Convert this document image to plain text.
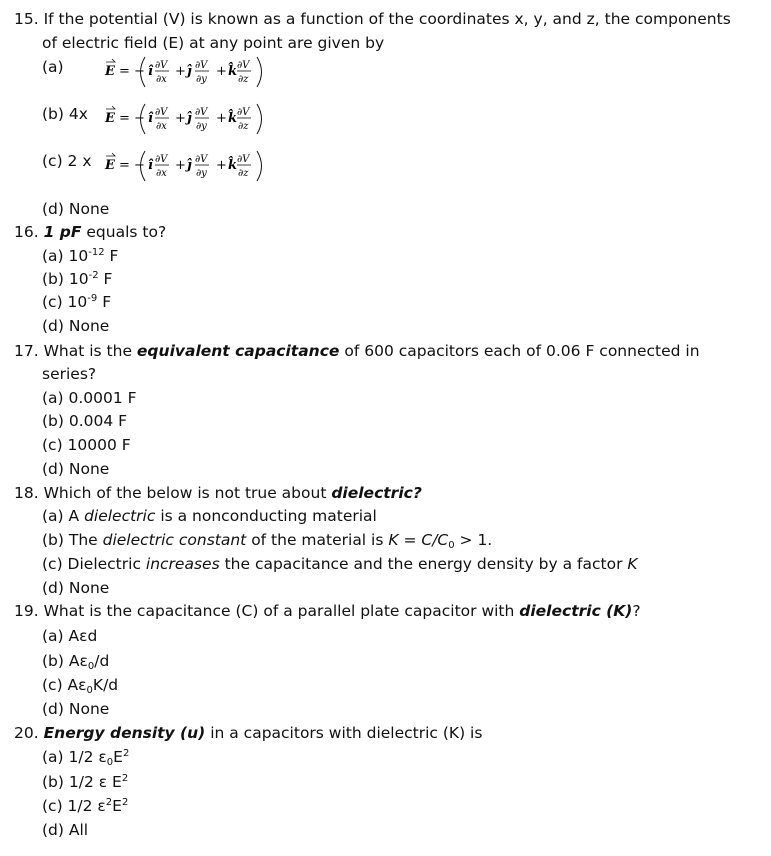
15. If the potential (V) is known as a function of the coordinates x, y, and z, the components
of electric field (E) at any point are given by
(a)
(b) 4x
(c) 2 x
(d) None
E = − î ∂V
∂x
+ ĵ ∂V
∂y
+ k̂ ∂V
∂z
E = − î ∂V
∂x
+ ĵ ∂V
∂y
+ k̂ ∂V
∂z
E = − î ∂V
∂x
+ ĵ ∂V
∂y
+ k̂ ∂V
∂z
16. 1 pF equals to?
(a) $10^{-12}$ F
(b) $10^{-2}$ F
(c) $10^{-9}$ F
(d) None
17. What is the equivalent capacitance of 600 capacitors each of 0.06 F connected in
series?
(a) 0.0001 F
(b) 0.004 F
(c) 10000 F
(d) None
18. Which of the below is not true about dielectric?
(a) A dielectric is a nonconducting material
(b) The dielectric constant of the material is $K = C/C_0 > 1$.
(c) Dielectric increases the capacitance and the energy density by a factor K
(d) None
19. What is the capacitance (C) of a parallel plate capacitor with dielectric (K)?
(a) Aεd
(b) $A\varepsilon_0/d$
(c) $A\varepsilon_0K/d$
(d) None
20. Energy density (u) in a capacitors with dielectric (K) is
(a) 1/2 $\varepsilon_0E^2$
(b) 1/2 ε $E^2$
(c) 1/2 $\varepsilon^2E^2$
(d) All
